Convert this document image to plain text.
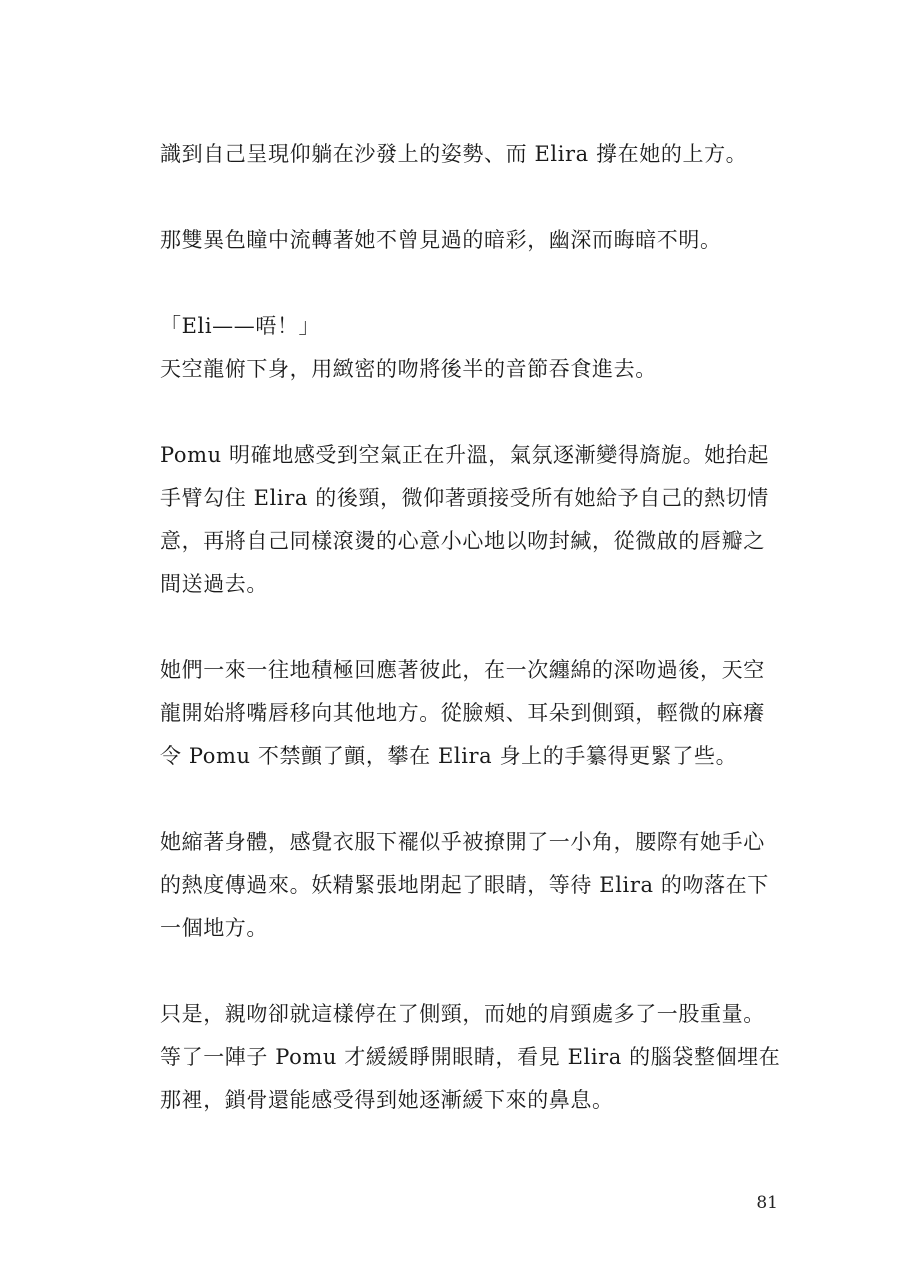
識到自己呈現仰躺在沙發上的姿勢、而 Elira 撐在她的上方。

那雙異色瞳中流轉著她不曾見過的暗彩，幽深而晦暗不明。

「Eli——唔！」

天空龍俯下身，用緻密的吻將後半的音節吞食進去。

Pomu 明確地感受到空氣正在升溫，氣氛逐漸變得旖旎。她抬起
手臂勾住 Elira 的後頸，微仰著頭接受所有她給予自己的熱切情
意，再將自己同樣滾燙的心意小心地以吻封緘，從微啟的唇瓣之
間送過去。

她們一來一往地積極回應著彼此，在一次纏綿的深吻過後，天空
龍開始將嘴唇移向其他地方。從臉頰、耳朵到側頸，輕微的麻癢
令 Pomu 不禁顫了顫，攀在 Elira 身上的手纂得更緊了些。

她縮著身體，感覺衣服下襬似乎被撩開了一小角，腰際有她手心
的熱度傳過來。妖精緊張地閉起了眼睛，等待 Elira 的吻落在下
一個地方。

只是，親吻卻就這樣停在了側頸，而她的肩頸處多了一股重量。
等了一陣子 Pomu 才緩緩睜開眼睛，看見 Elira 的腦袋整個埋在
那裡，鎖骨還能感受得到她逐漸緩下來的鼻息。

81
